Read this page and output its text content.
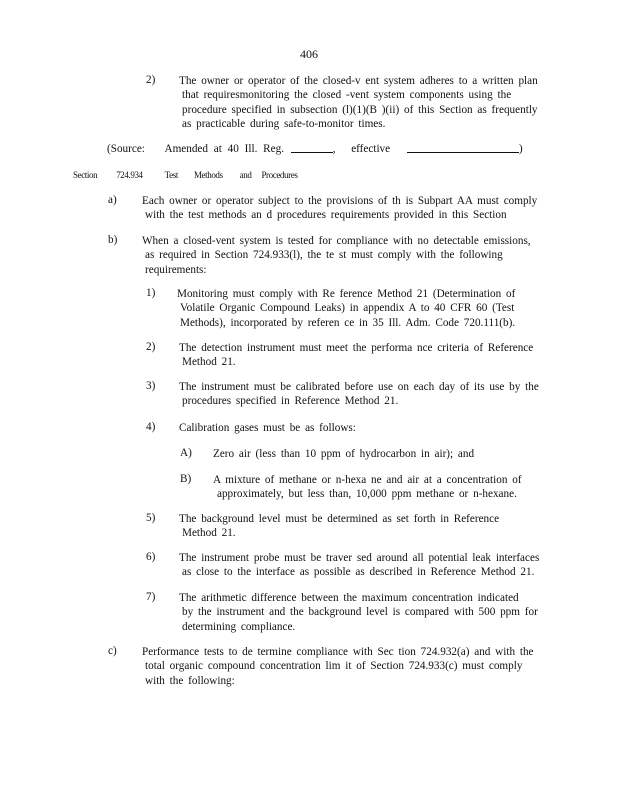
406
2) The owner or operator of the closed-v ent system adheres to a written plan
that requiresmonitoring the closed -vent system components using the
procedure specified in subsection (l)(1)(B )(ii) of this Section as frequently
as practicable during safe-to-monitor times.
(Source: Amended at 40 Ill. Reg.	, effective	)
Section 724.934 Test Methods and Procedures
a) Each owner or operator subject to the provisions of th is Subpart AA must comply
with the test methods an d procedures requirements provided in this Section
b) When a closed-vent system is tested for compliance with no detectable emissions,
as required in Section 724.933(l), the te st must comply with the following
requirements:
1) Monitoring must comply with Re ference Method 21 (Determination of
Volatile Organic Compound Leaks) in appendix A to 40 CFR 60 (Test
Methods), incorporated by referen ce in 35 Ill. Adm. Code 720.111(b).
2) The detection instrument must meet the performa nce criteria of Reference
Method 21.
3) The instrument must be calibrated before use on each day of its use by the
procedures specified in Reference Method 21.
4) Calibration gases must be as follows:
A) Zero air (less than 10 ppm of hydrocarbon in air); and
B) A mixture of methane or n-hexa ne and air at a concentration of
approximately, but less than, 10,000 ppm methane or n-hexane.
5) The background level must be determined as set forth in Reference
Method 21.
6) The instrument probe must be traver sed around all potential leak interfaces
as close to the interface as possible as described in Reference Method 21.
7) The arithmetic difference between the maximum concentration indicated
by the instrument and the background level is compared with 500 ppm for
determining compliance.
c) Performance tests to de termine compliance with Sec tion 724.932(a) and with the
total organic compound concentration lim it of Section 724.933(c) must comply
with the following:
